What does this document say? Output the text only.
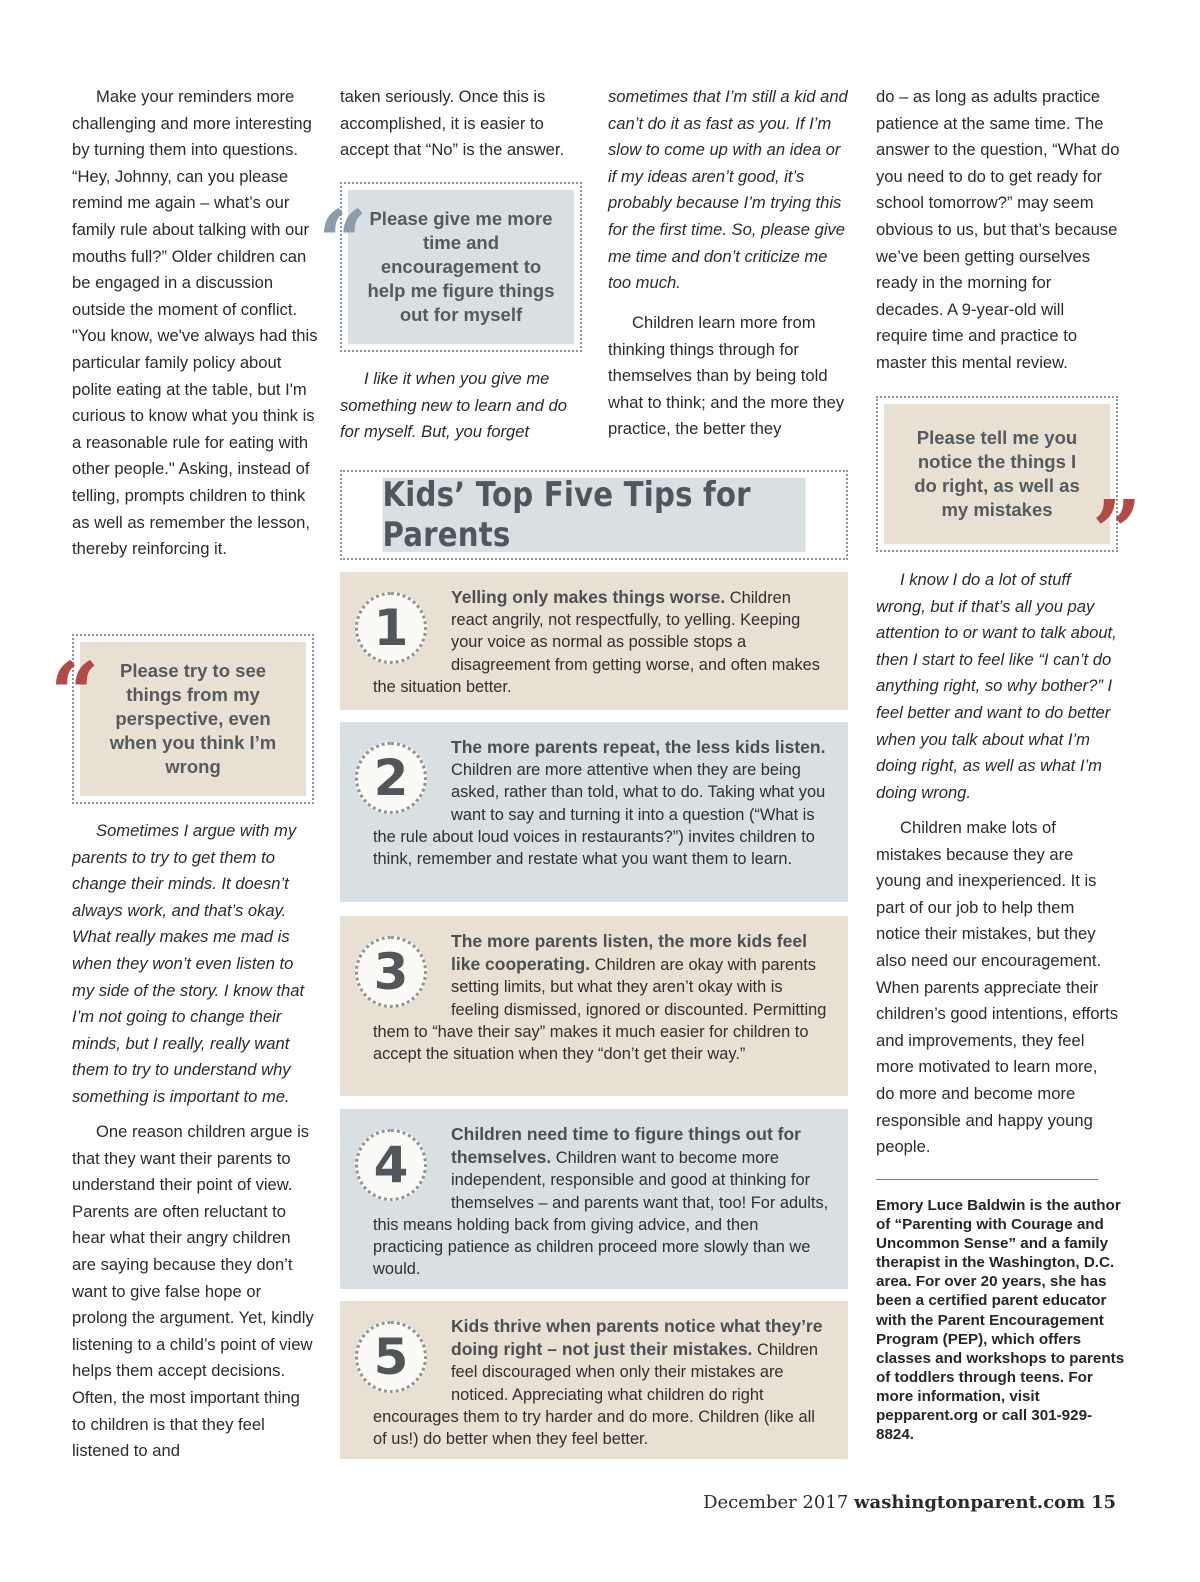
Make your reminders more challenging and more interesting by turning them into questions. “Hey, Johnny, can you please remind me again – what’s our family rule about talking with our mouths full?” Older children can be engaged in a discussion outside the moment of conflict. "You know, we've always had this particular family policy about polite eating at the table, but I'm curious to know what you think is a reasonable rule for eating with other people." Asking, instead of telling, prompts children to think as well as remember the lesson, thereby reinforcing it.

Please try to see things from my perspective, even when you think I’m wrong
“

Sometimes I argue with my parents to try to get them to change their minds. It doesn’t always work, and that’s okay. What really makes me mad is when they won’t even listen to my side of the story. I know that I’m not going to change their minds, but I really, really want them to try to understand why something is important to me.

One reason children argue is that they want their parents to understand their point of view. Parents are often reluctant to hear what their angry children are saying because they don’t want to give false hope or prolong the argument. Yet, kindly listening to a child’s point of view helps them accept decisions. Often, the most important thing to children is that they feel listened to and

taken seriously. Once this is accomplished, it is easier to accept that “No” is the answer.

Please give me more time and encouragement to help me figure things out for myself
“

I like it when you give me something new to learn and do for myself. But, you forget

sometimes that I’m still a kid and can’t do it as fast as you. If I’m slow to come up with an idea or if my ideas aren’t good, it’s probably because I’m trying this for the first time. So, please give me time and don’t criticize me too much.

Children learn more from thinking things through for themselves than by being told what to think; and the more they practice, the better they

do – as long as adults practice patience at the same time. The answer to the question, “What do you need to do to get ready for school tomorrow?” may seem obvious to us, but that’s because we’ve been getting ourselves ready in the morning for decades. A 9-year-old will require time and practice to master this mental review.

Please tell me you notice the things I do right, as well as my mistakes ”

I know I do a lot of stuff wrong, but if that’s all you pay attention to or want to talk about, then I start to feel like “I can’t do anything right, so why bother?” I feel better and want to do better when you talk about what I’m doing right, as well as what I’m doing wrong.

Children make lots of mistakes because they are young and inexperienced. It is part of our job to help them notice their mistakes, but they also need our encouragement. When parents appreciate their children’s good intentions, efforts and improvements, they feel more motivated to learn more, do more and become more responsible and happy young people.

Emory Luce Baldwin is the author of “Parenting with Courage and Uncommon Sense” and a family therapist in the Washington, D.C. area. For over 20 years, she has been a certified parent educator with the Parent Encouragement Program (PEP), which offers classes and workshops to parents of toddlers through teens. For more information, visit pepparent.org or call 301-929-8824.
Kids’ Top Five Tips for Parents
1
Yelling only makes things worse. Children react angrily, not respectfully, to yelling. Keeping your voice as normal as possible stops a disagreement from getting worse, and often makes the situation better.
2
The more parents repeat, the less kids listen. Children are more attentive when they are being asked, rather than told, what to do. Taking what you want to say and turning it into a question (“What is the rule about loud voices in restaurants?”) invites children to think, remember and restate what you want them to learn.
3
The more parents listen, the more kids feel like cooperating. Children are okay with parents setting limits, but what they aren’t okay with is feeling dismissed, ignored or discounted. Permitting them to “have their say” makes it much easier for children to accept the situation when they “don’t get their way.”
4
Children need time to figure things out for themselves. Children want to become more independent, responsible and good at thinking for themselves – and parents want that, too! For adults, this means holding back from giving advice, and then practicing patience as children proceed more slowly than we would.
5
Kids thrive when parents notice what they’re doing right – not just their mistakes. Children feel discouraged when only their mistakes are noticed. Appreciating what children do right encourages them to try harder and do more. Children (like all of us!) do better when they feel better.
December 2017 washingtonparent.com 15
